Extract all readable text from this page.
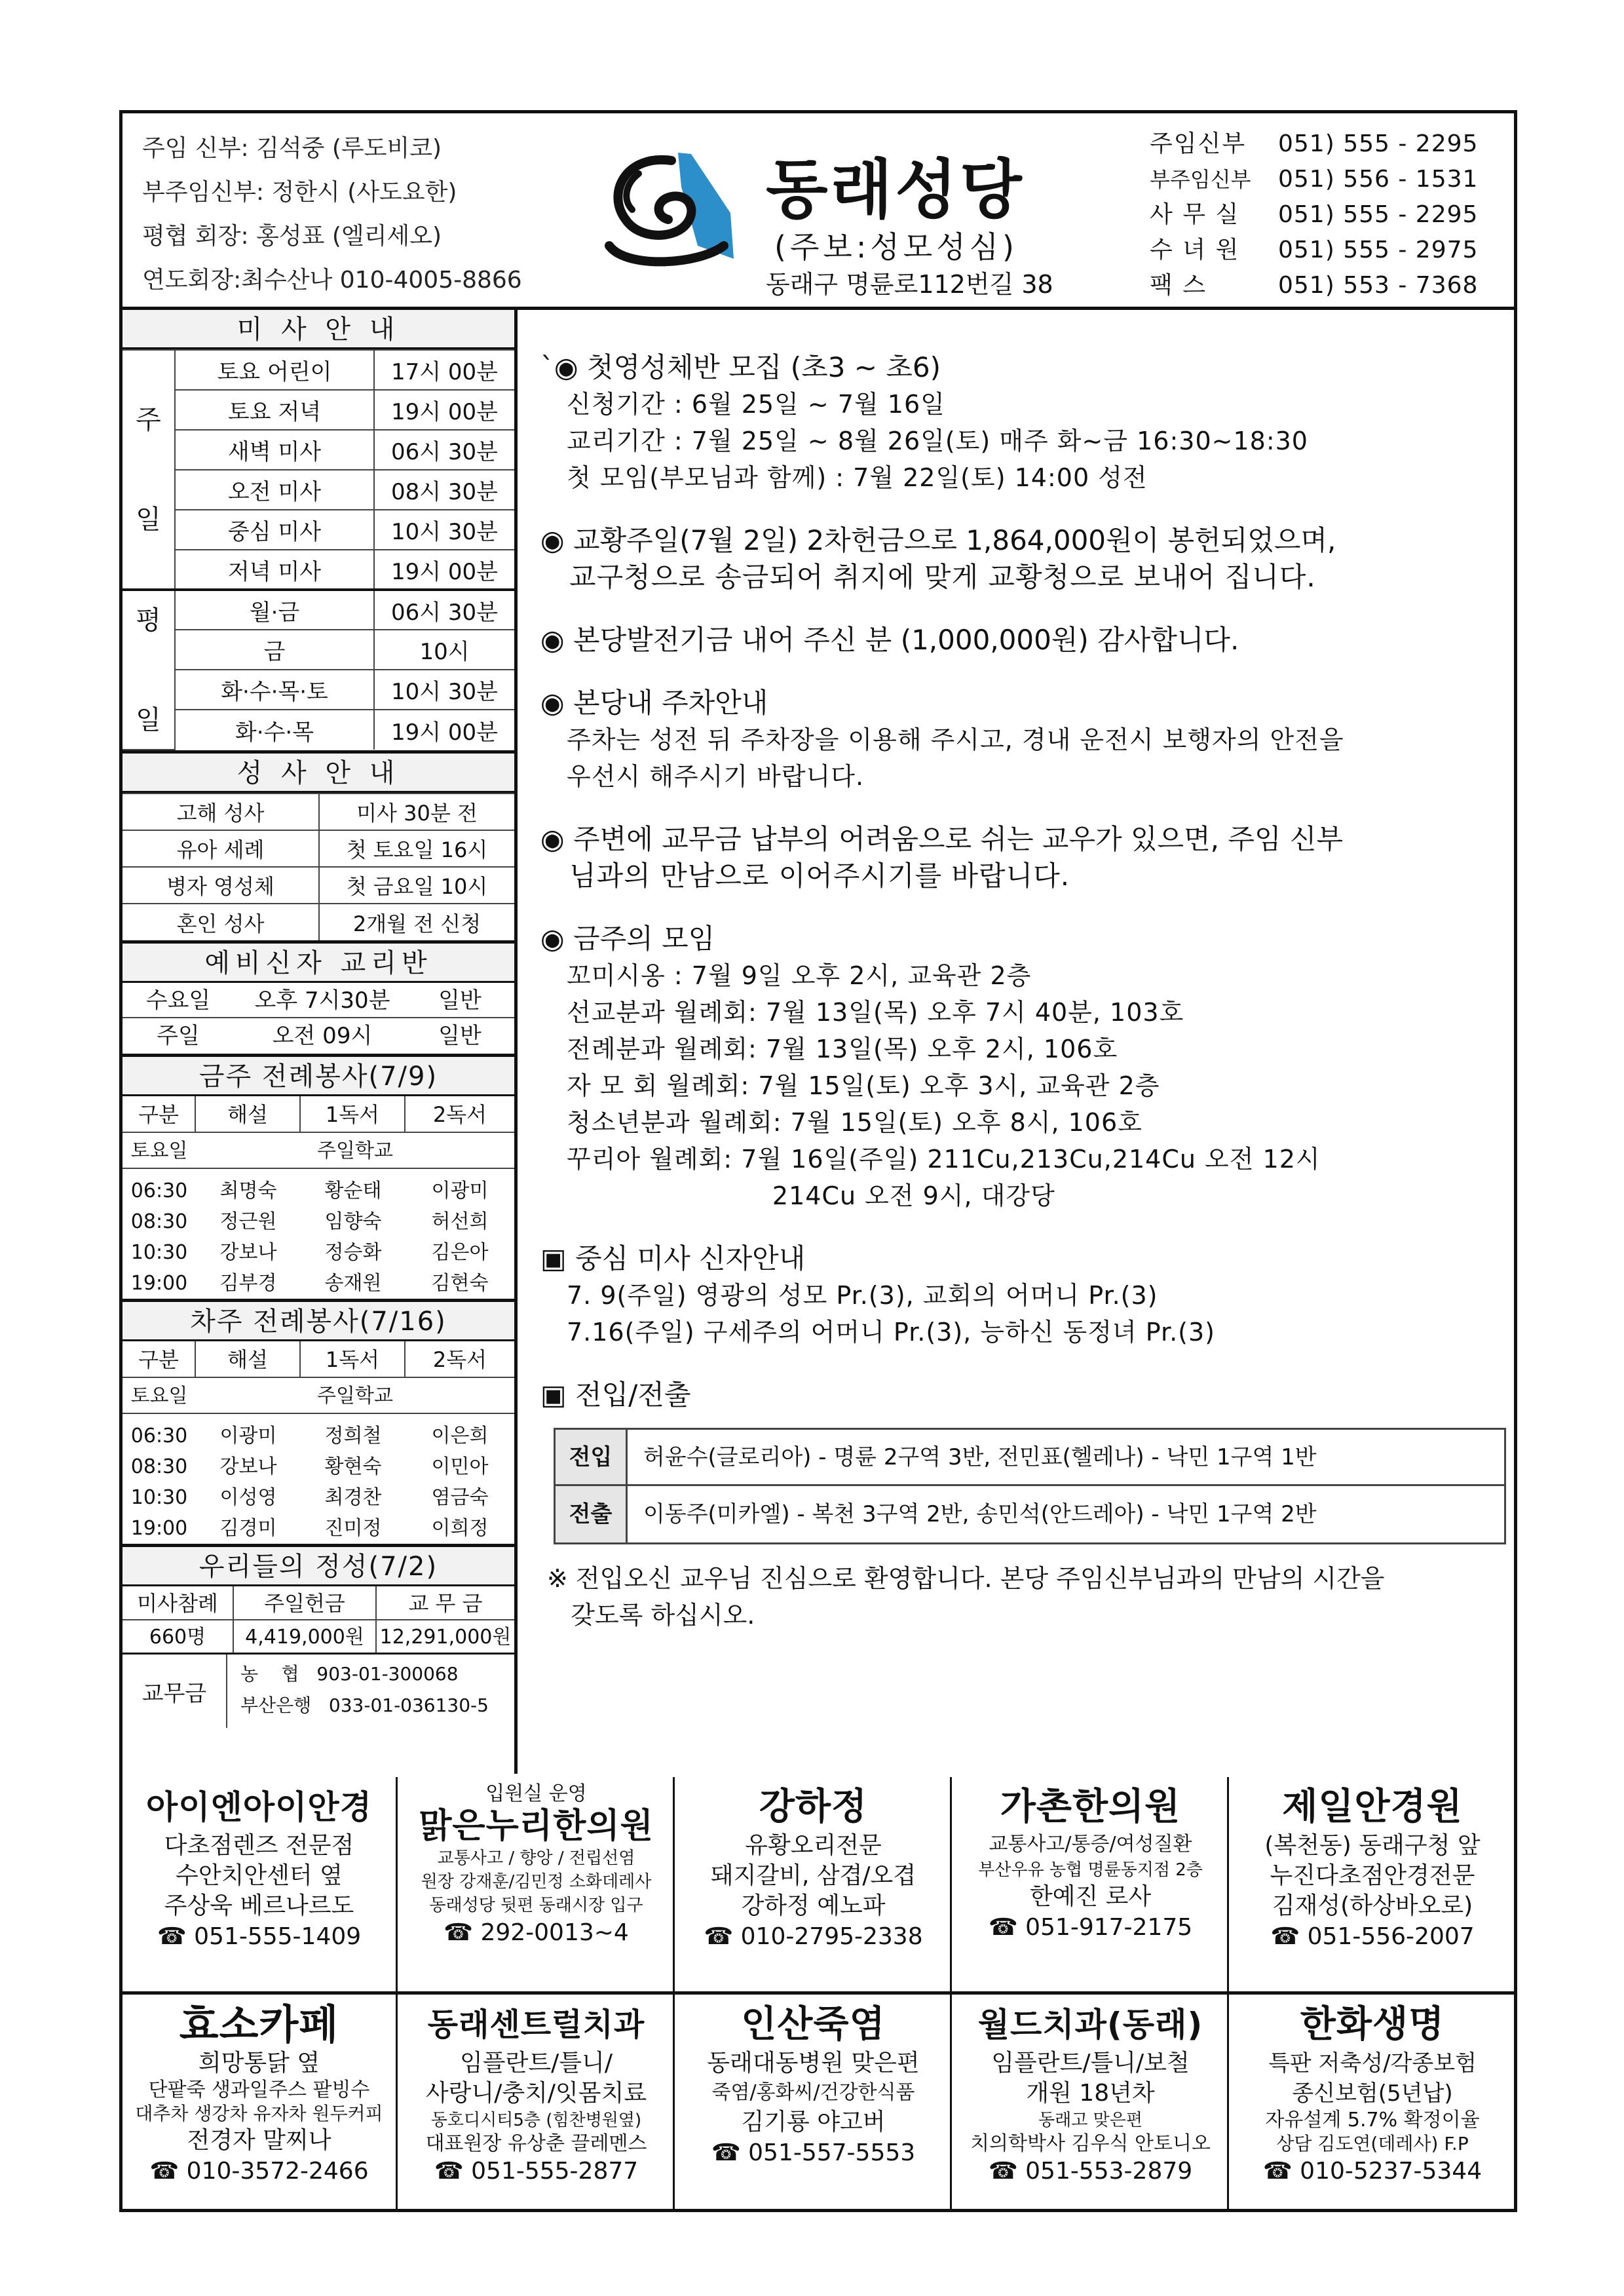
주임 신부: 김석중 (루도비코)
부주임신부: 정한시 (사도요한)
평협 회장: 홍성표 (엘리세오)
연도회장:최수산나 010-4005-8866
동래성당
(주보:성모성심)
동래구 명륜로112번길 38
주임신부	051) 555 - 2295
부주임신부	051) 556 - 1531
사 무 실	051) 555 - 2295
수 녀 원	051) 555 - 2975
팩 스	051) 553 - 7368
미 사 안 내
주

일	토요 어린이	17시 00분
	토요 저녁	19시 00분
	새벽 미사	06시 30분
	오전 미사	08시 30분
	중심 미사	10시 30분
	저녁 미사	19시 00분
평

일	월·금	06시 30분
	금	10시
	화·수·목·토	10시 30분
	화·수·목	19시 00분
성 사 안 내
고해 성사	미사 30분 전
유아 세례	첫 토요일 16시
병자 영성체	첫 금요일 10시
혼인 성사	2개월 전 신청
예비신자 교리반
수요일	오후 7시30분	일반
주일	오전 09시	일반
금주 전례봉사(7/9)
구분	해설	1독서	2독서
토요일	주일학교
06:30	최명숙	황순태	이광미
08:30	정근원	임향숙	허선희
10:30	강보나	정승화	김은아
19:00	김부경	송재원	김현숙
차주 전례봉사(7/16)
구분	해설	1독서	2독서
토요일	주일학교
06:30	이광미	정희철	이은희
08:30	강보나	황현숙	이민아
10:30	이성영	최경찬	염금숙
19:00	김경미	진미정	이희정
우리들의 정성(7/2)
미사참례	주일헌금	교 무 금
660명	4,419,000원 12,291,000원
교무금
농    협   903-01-300068
부산은행   033-01-036130-5
`◉ 첫영성체반 모집 (초3 ~ 초6)
신청기간 : 6월 25일 ~ 7월 16일
교리기간 : 7월 25일 ~ 8월 26일(토) 매주 화~금 16:30~18:30
첫 모임(부모님과 함께) : 7월 22일(토) 14:00 성전
◉ 교황주일(7월 2일) 2차헌금으로 1,864,000원이 봉헌되었으며,
교구청으로 송금되어 취지에 맞게 교황청으로 보내어 집니다.
◉ 본당발전기금 내어 주신 분 (1,000,000원) 감사합니다.
◉ 본당내 주차안내
주차는 성전 뒤 주차장을 이용해 주시고, 경내 운전시 보행자의 안전을
우선시 해주시기 바랍니다.
◉ 주변에 교무금 납부의 어려움으로 쉬는 교우가 있으면, 주임 신부
님과의 만남으로 이어주시기를 바랍니다.
◉ 금주의 모임
꼬미시옹 : 7월 9일 오후 2시, 교육관 2층
선교분과 월례회: 7월 13일(목) 오후 7시 40분, 103호
전례분과 월례회: 7월 13일(목) 오후 2시, 106호
자 모 회 월례회: 7월 15일(토) 오후 3시, 교육관 2층
청소년분과 월례회: 7월 15일(토) 오후 8시, 106호
꾸리아 월례회: 7월 16일(주일) 211Cu,213Cu,214Cu 오전 12시
214Cu 오전 9시, 대강당
▣ 중심 미사 신자안내
7. 9(주일) 영광의 성모 Pr.(3), 교회의 어머니 Pr.(3)
7.16(주일) 구세주의 어머니 Pr.(3), 능하신 동정녀 Pr.(3)
▣ 전입/전출
전입	허윤수(글로리아) - 명륜 2구역 3반, 전민표(헬레나) - 낙민 1구역 1반
전출	이동주(미카엘) - 복천 3구역 2반, 송민석(안드레아) - 낙민 1구역 2반
※ 전입오신 교우님 진심으로 환영합니다. 본당 주임신부님과의 만남의 시간을
갖도록 하십시오.
아이엔아이안경
다초점렌즈 전문점
수안치안센터 옆
주상욱 베르나르도
☎ 051-555-1409
입원실 운영
맑은누리한의원
교통사고 / 향앙 / 전립선염
원장 강재훈/김민정 소화데레사
동래성당 뒷편 동래시장 입구
☎ 292-0013~4
강하정
유황오리전문
돼지갈비, 삼겹/오겹
강하정 예노파
☎ 010-2795-2338
가촌한의원
교통사고/통증/여성질환
부산우유 농협 명륜동지점 2층
한예진 로사
☎ 051-917-2175
제일안경원
(복천동) 동래구청 앞
누진다초점안경전문
김재성(하상바오로)
☎ 051-556-2007
효소카페
희망통닭 옆
단팥죽 생과일주스 팥빙수
대추차 생강차 유자차 원두커피
전경자 말찌나
☎ 010-3572-2466
동래센트럴치과
임플란트/틀니/
사랑니/충치/잇몸치료
동호디시티5층 (힘찬병원옆)
대표원장 유상춘 끌레멘스
☎ 051-555-2877
인산죽염
동래대동병원 맞은편
죽염/홍화씨/건강한식품
김기룡 야고버
☎ 051-557-5553
월드치과(동래)
임플란트/틀니/보철
개원 18년차
동래고 맞은편
치의학박사 김우식 안토니오
☎ 051-553-2879
한화생명
특판 저축성/각종보험
종신보험(5년납)
자유설계 5.7% 확정이율
상담 김도연(데레사) F.P
☎ 010-5237-5344
